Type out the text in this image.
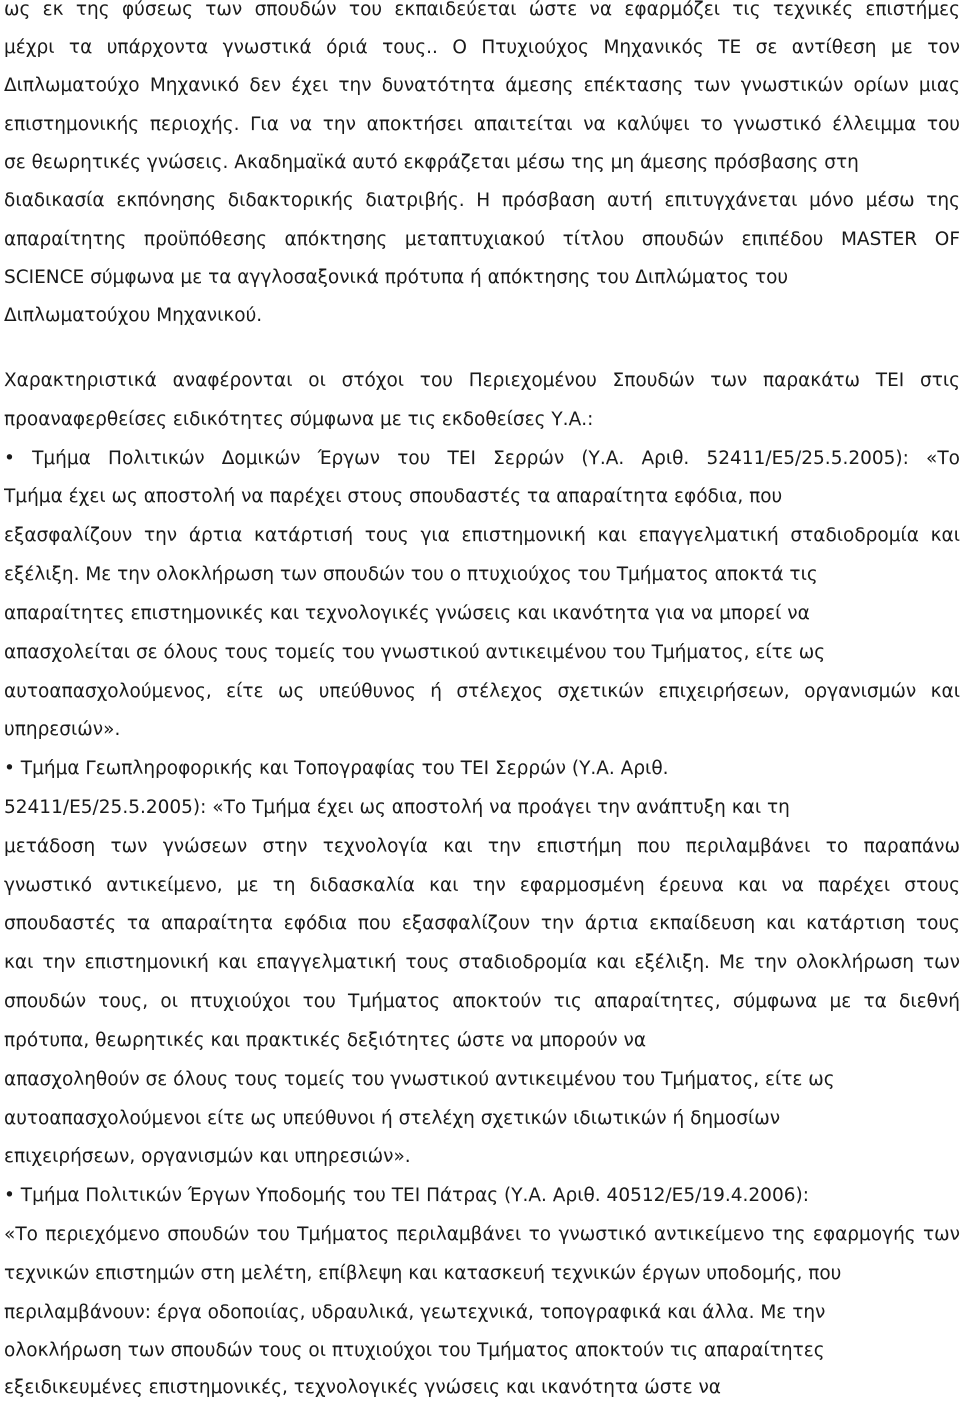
ως εκ της φύσεως των σπουδών του εκπαιδεύεται ώστε να εφαρμόζει τις τεχνικές επιστήμες
μέχρι τα υπάρχοντα γνωστικά όριά τους.. Ο Πτυχιούχος Μηχανικός ΤΕ σε αντίθεση με τον
Διπλωματούχο Μηχανικό δεν έχει την δυνατότητα άμεσης επέκτασης των γνωστικών ορίων μιας
επιστημονικής περιοχής. Για να την αποκτήσει απαιτείται να καλύψει το γνωστικό έλλειμμα του
σε θεωρητικές γνώσεις. Ακαδημαϊκά αυτό εκφράζεται μέσω της μη άμεσης πρόσβασης στη
διαδικασία εκπόνησης διδακτορικής διατριβής. Η πρόσβαση αυτή επιτυγχάνεται μόνο μέσω της
απαραίτητης προϋπόθεσης απόκτησης μεταπτυχιακού τίτλου σπουδών επιπέδου MASTER OF
SCIENCE σύμφωνα με τα αγγλοσαξονικά πρότυπα ή απόκτησης του Διπλώματος του
Διπλωματούχου Μηχανικού.
Χαρακτηριστικά αναφέρονται οι στόχοι του Περιεχομένου Σπουδών των παρακάτω ΤΕΙ στις
προαναφερθείσες ειδικότητες σύμφωνα με τις εκδοθείσες Υ.Α.:
• Τμήμα Πολιτικών Δομικών Έργων του ΤΕΙ Σερρών (Υ.Α. Αριθ. 52411/Ε5/25.5.2005): «Το
Τμήμα έχει ως αποστολή να παρέχει στους σπουδαστές τα απαραίτητα εφόδια, που
εξασφαλίζουν την άρτια κατάρτισή τους για επιστημονική και επαγγελματική σταδιοδρομία και
εξέλιξη. Με την ολοκλήρωση των σπουδών του ο πτυχιούχος του Τμήματος αποκτά τις
απαραίτητες επιστημονικές και τεχνολογικές γνώσεις και ικανότητα για να μπορεί να
απασχολείται σε όλους τους τομείς του γνωστικού αντικειμένου του Τμήματος, είτε ως
αυτοαπασχολούμενος, είτε ως υπεύθυνος ή στέλεχος σχετικών επιχειρήσεων, οργανισμών και
υπηρεσιών».
• Τμήμα Γεωπληροφορικής και Τοπογραφίας του ΤΕΙ Σερρών (Υ.Α. Αριθ.
52411/Ε5/25.5.2005): «Το Τμήμα έχει ως αποστολή να προάγει την ανάπτυξη και τη
μετάδοση των γνώσεων στην τεχνολογία και την επιστήμη που περιλαμβάνει το παραπάνω
γνωστικό αντικείμενο, με τη διδασκαλία και την εφαρμοσμένη έρευνα και να παρέχει στους
σπουδαστές τα απαραίτητα εφόδια που εξασφαλίζουν την άρτια εκπαίδευση και κατάρτιση τους
και την επιστημονική και επαγγελματική τους σταδιοδρομία και εξέλιξη. Με την ολοκλήρωση των
σπουδών τους, οι πτυχιούχοι του Τμήματος αποκτούν τις απαραίτητες, σύμφωνα με τα διεθνή
πρότυπα, θεωρητικές και πρακτικές δεξιότητες ώστε να μπορούν να
απασχοληθούν σε όλους τους τομείς του γνωστικού αντικειμένου του Τμήματος, είτε ως
αυτοαπασχολούμενοι είτε ως υπεύθυνοι ή στελέχη σχετικών ιδιωτικών ή δημοσίων
επιχειρήσεων, οργανισμών και υπηρεσιών».
• Τμήμα Πολιτικών Έργων Υποδομής του ΤΕΙ Πάτρας (Υ.Α. Αριθ. 40512/Ε5/19.4.2006):
«Το περιεχόμενο σπουδών του Τμήματος περιλαμβάνει το γνωστικό αντικείμενο της εφαρμογής των
τεχνικών επιστημών στη μελέτη, επίβλεψη και κατασκευή τεχνικών έργων υποδομής, που
περιλαμβάνουν: έργα οδοποιίας, υδραυλικά, γεωτεχνικά, τοπογραφικά και άλλα. Με την
ολοκλήρωση των σπουδών τους οι πτυχιούχοι του Τμήματος αποκτούν τις απαραίτητες
εξειδικευμένες επιστημονικές, τεχνολογικές γνώσεις και ικανότητα ώστε να
